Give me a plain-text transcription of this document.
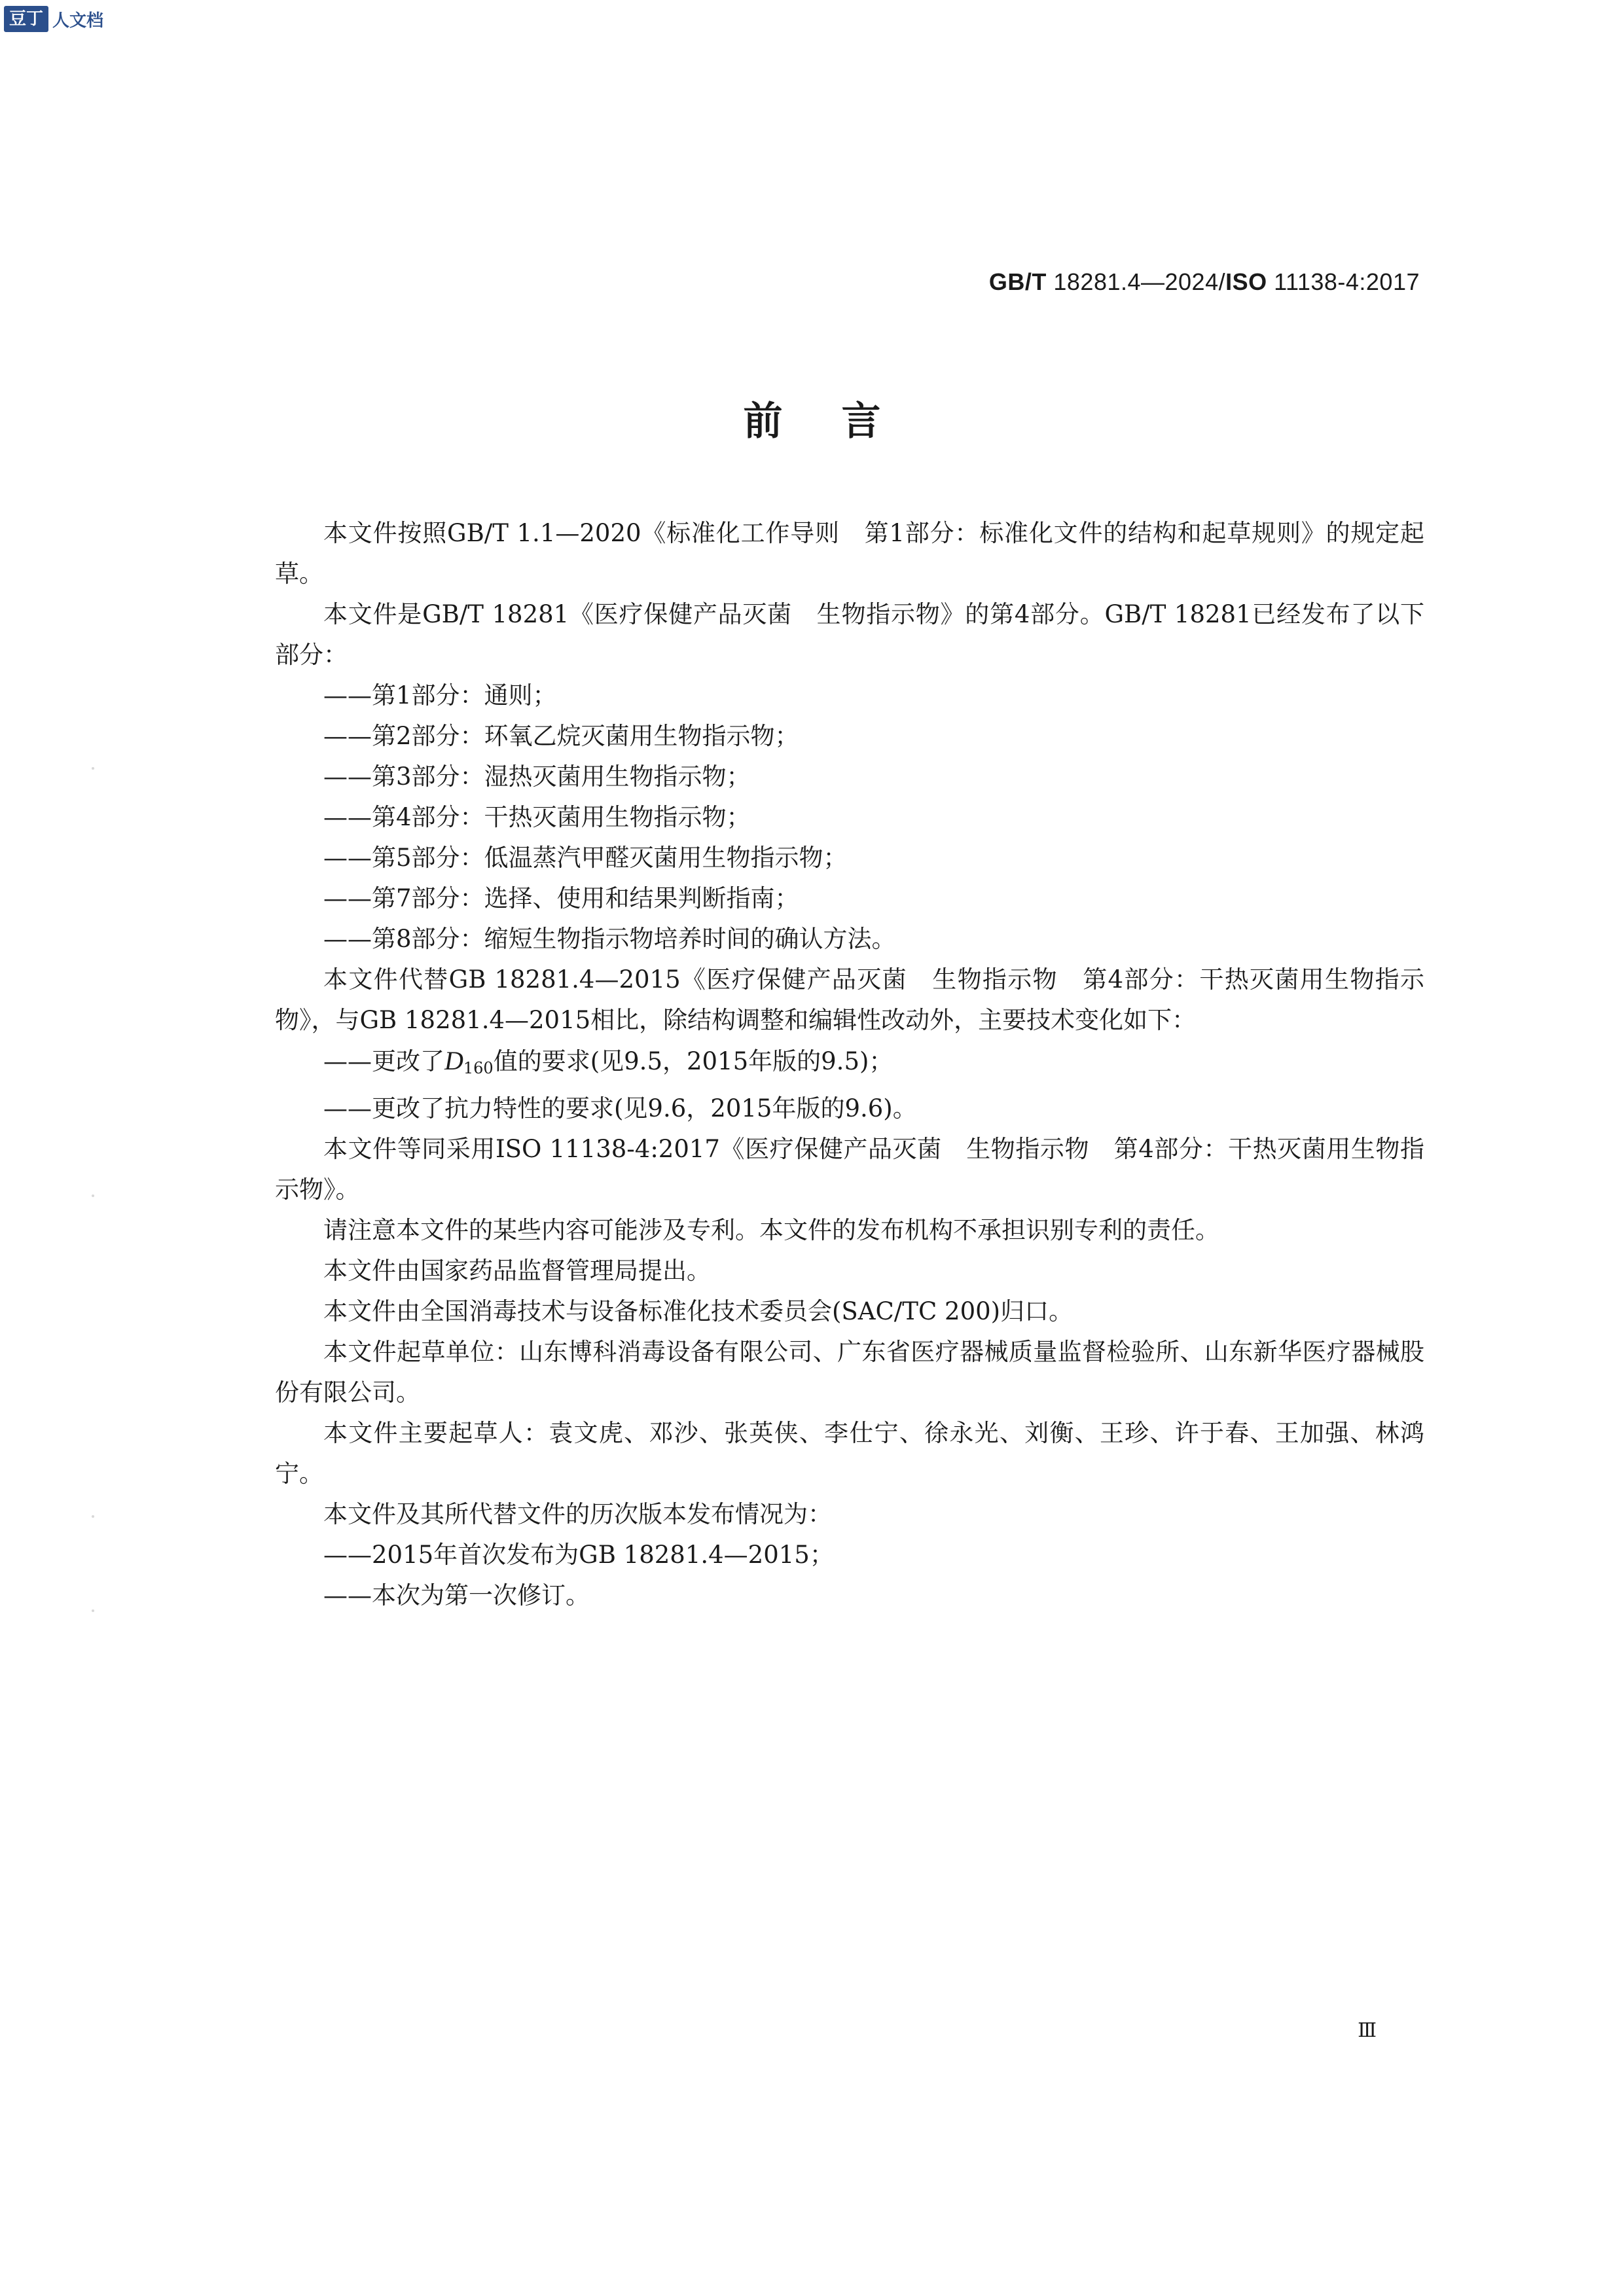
豆丁 人文档
GB/T 18281.4—2024/ISO 11138-4:2017
前言

本文件按照GB/T 1.1—2020《标准化工作导则　第1部分：标准化文件的结构和起草规则》的规定起草。

本文件是GB/T 18281《医疗保健产品灭菌　生物指示物》的第4部分。GB/T 18281已经发布了以下部分：

——第1部分：通则；

——第2部分：环氧乙烷灭菌用生物指示物；

——第3部分：湿热灭菌用生物指示物；

——第4部分：干热灭菌用生物指示物；

——第5部分：低温蒸汽甲醛灭菌用生物指示物；

——第7部分：选择、使用和结果判断指南；

——第8部分：缩短生物指示物培养时间的确认方法。

本文件代替GB 18281.4—2015《医疗保健产品灭菌　生物指示物　第4部分：干热灭菌用生物指示物》，与GB 18281.4—2015相比，除结构调整和编辑性改动外，主要技术变化如下：

——更改了$D_{160}$值的要求(见9.5，2015年版的9.5)；

——更改了抗力特性的要求(见9.6，2015年版的9.6)。

本文件等同采用ISO 11138-4:2017《医疗保健产品灭菌　生物指示物　第4部分：干热灭菌用生物指示物》。

请注意本文件的某些内容可能涉及专利。本文件的发布机构不承担识别专利的责任。

本文件由国家药品监督管理局提出。

本文件由全国消毒技术与设备标准化技术委员会(SAC/TC 200)归口。

本文件起草单位：山东博科消毒设备有限公司、广东省医疗器械质量监督检验所、山东新华医疗器械股份有限公司。

本文件主要起草人：袁文虎、邓沙、张英侠、李仕宁、徐永光、刘衡、王珍、许于春、王加强、林鸿宁。

本文件及其所代替文件的历次版本发布情况为：

——2015年首次发布为GB 18281.4—2015；

——本次为第一次修订。

Ⅲ
